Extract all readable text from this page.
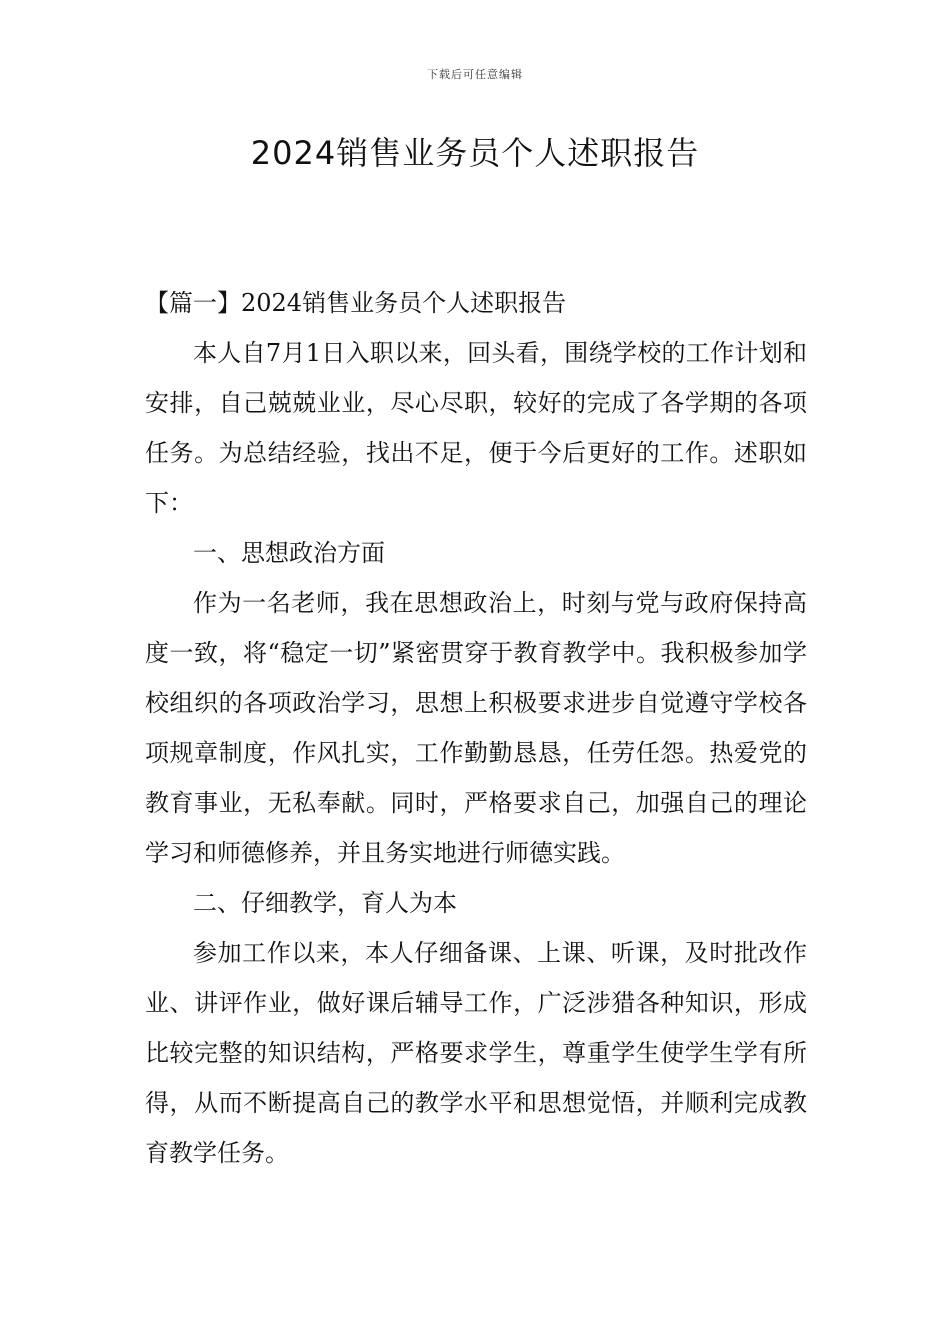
下载后可任意编辑
2024销售业务员个人述职报告

【篇一】2024销售业务员个人述职报告

本人自7月1日入职以来，回头看，围绕学校的工作计划和安排，自己兢兢业业，尽心尽职，较好的完成了各学期的各项任务。为总结经验，找出不足，便于今后更好的工作。述职如下：

一、思想政治方面

作为一名老师，我在思想政治上，时刻与党与政府保持高度一致，将“稳定一切”紧密贯穿于教育教学中。我积极参加学校组织的各项政治学习，思想上积极要求进步自觉遵守学校各项规章制度，作风扎实，工作勤勤恳恳，任劳任怨。热爱党的教育事业，无私奉献。同时，严格要求自己，加强自己的理论学习和师德修养，并且务实地进行师德实践。

二、仔细教学，育人为本

参加工作以来，本人仔细备课、上课、听课，及时批改作业、讲评作业，做好课后辅导工作，广泛涉猎各种知识，形成比较完整的知识结构，严格要求学生，尊重学生使学生学有所得，从而不断提高自己的教学水平和思想觉悟，并顺利完成教育教学任务。
